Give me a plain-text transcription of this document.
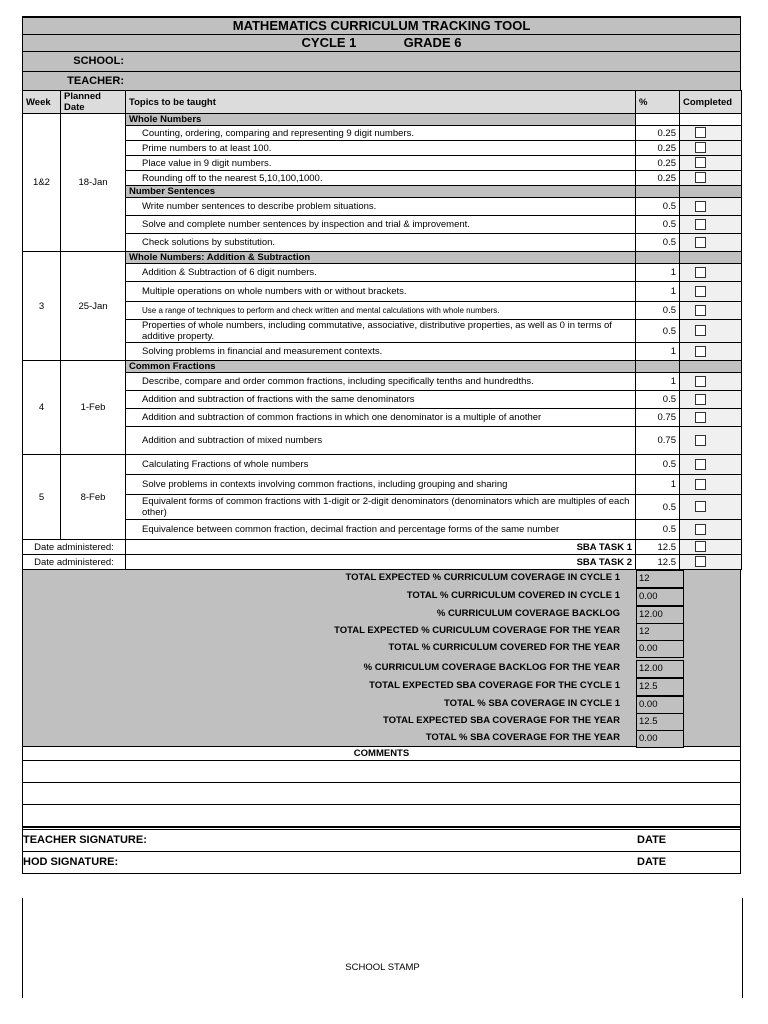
MATHEMATICS CURRICULUM TRACKING TOOL
CYCLE 1	GRADE 6
SCHOOL:
TEACHER:
Week	Planned Date	Topics to be taught	%	Completed
1&2	18-Jan	Whole Numbers		
		Counting, ordering, comparing and representing 9 digit numbers.	0.25	
		Prime numbers to at least 100.	0.25	
		Place value in 9 digit numbers.	0.25	
		Rounding off to the nearest 5,10,100,1000.	0.25	
		Number Sentences		
		Write number sentences to describe problem situations.	0.5	
		Solve and complete number sentences by inspection and trial & improvement.	0.5	
		Check solutions by substitution.	0.5	
3	25-Jan	Whole Numbers: Addition & Subtraction		
		Addition & Subtraction of 6 digit numbers.	1	
		Multiple operations on whole numbers with or without brackets.	1	
		Use a range of techniques to perform and check written and mental calculations with whole numbers.	0.5	
		Properties of whole numbers, including commutative, associative, distributive properties, as well as 0 in terms of additive property.	0.5	
		Solving problems in financial and measurement contexts.	1	
4	1-Feb	Common Fractions		
		Describe, compare and order common fractions, including specifically tenths and hundredths.	1	
		Addition and subtraction of fractions with the same denominators	0.5	
		Addition and subtraction of common fractions in which one denominator is a multiple of another	0.75	
		Addition and subtraction of mixed numbers	0.75	
5	8-Feb	Calculating Fractions of whole numbers	0.5	
		Solve problems in contexts involving common fractions, including grouping and sharing	1	
		Equivalent forms of common fractions with 1-digit or 2-digit denominators (denominators which are multiples of each other)	0.5	
		Equivalence between common fraction, decimal fraction and percentage forms of the same number	0.5	
Date administered:		SBA TASK 1	12.5	
Date administered:		SBA TASK 2	12.5	
TOTAL EXPECTED % CURRICULUM COVERAGE IN CYCLE 1	12
TOTAL % CURRICULUM COVERED IN CYCLE 1	0.00
% CURRICULUM COVERAGE BACKLOG	12.00
TOTAL EXPECTED % CURICULUM COVERAGE FOR THE YEAR	12
TOTAL % CURRICULUM COVERED FOR THE YEAR	0.00
% CURRICULUM COVERAGE BACKLOG FOR THE YEAR	12.00
TOTAL EXPECTED SBA COVERAGE FOR THE CYCLE 1	12.5
TOTAL % SBA COVERAGE IN CYCLE 1	0.00
TOTAL EXPECTED SBA COVERAGE FOR THE YEAR	12.5
TOTAL % SBA COVERAGE FOR THE YEAR	0.00
COMMENTS
TEACHER SIGNATURE:	DATE
HOD SIGNATURE:	DATE
SCHOOL STAMP
